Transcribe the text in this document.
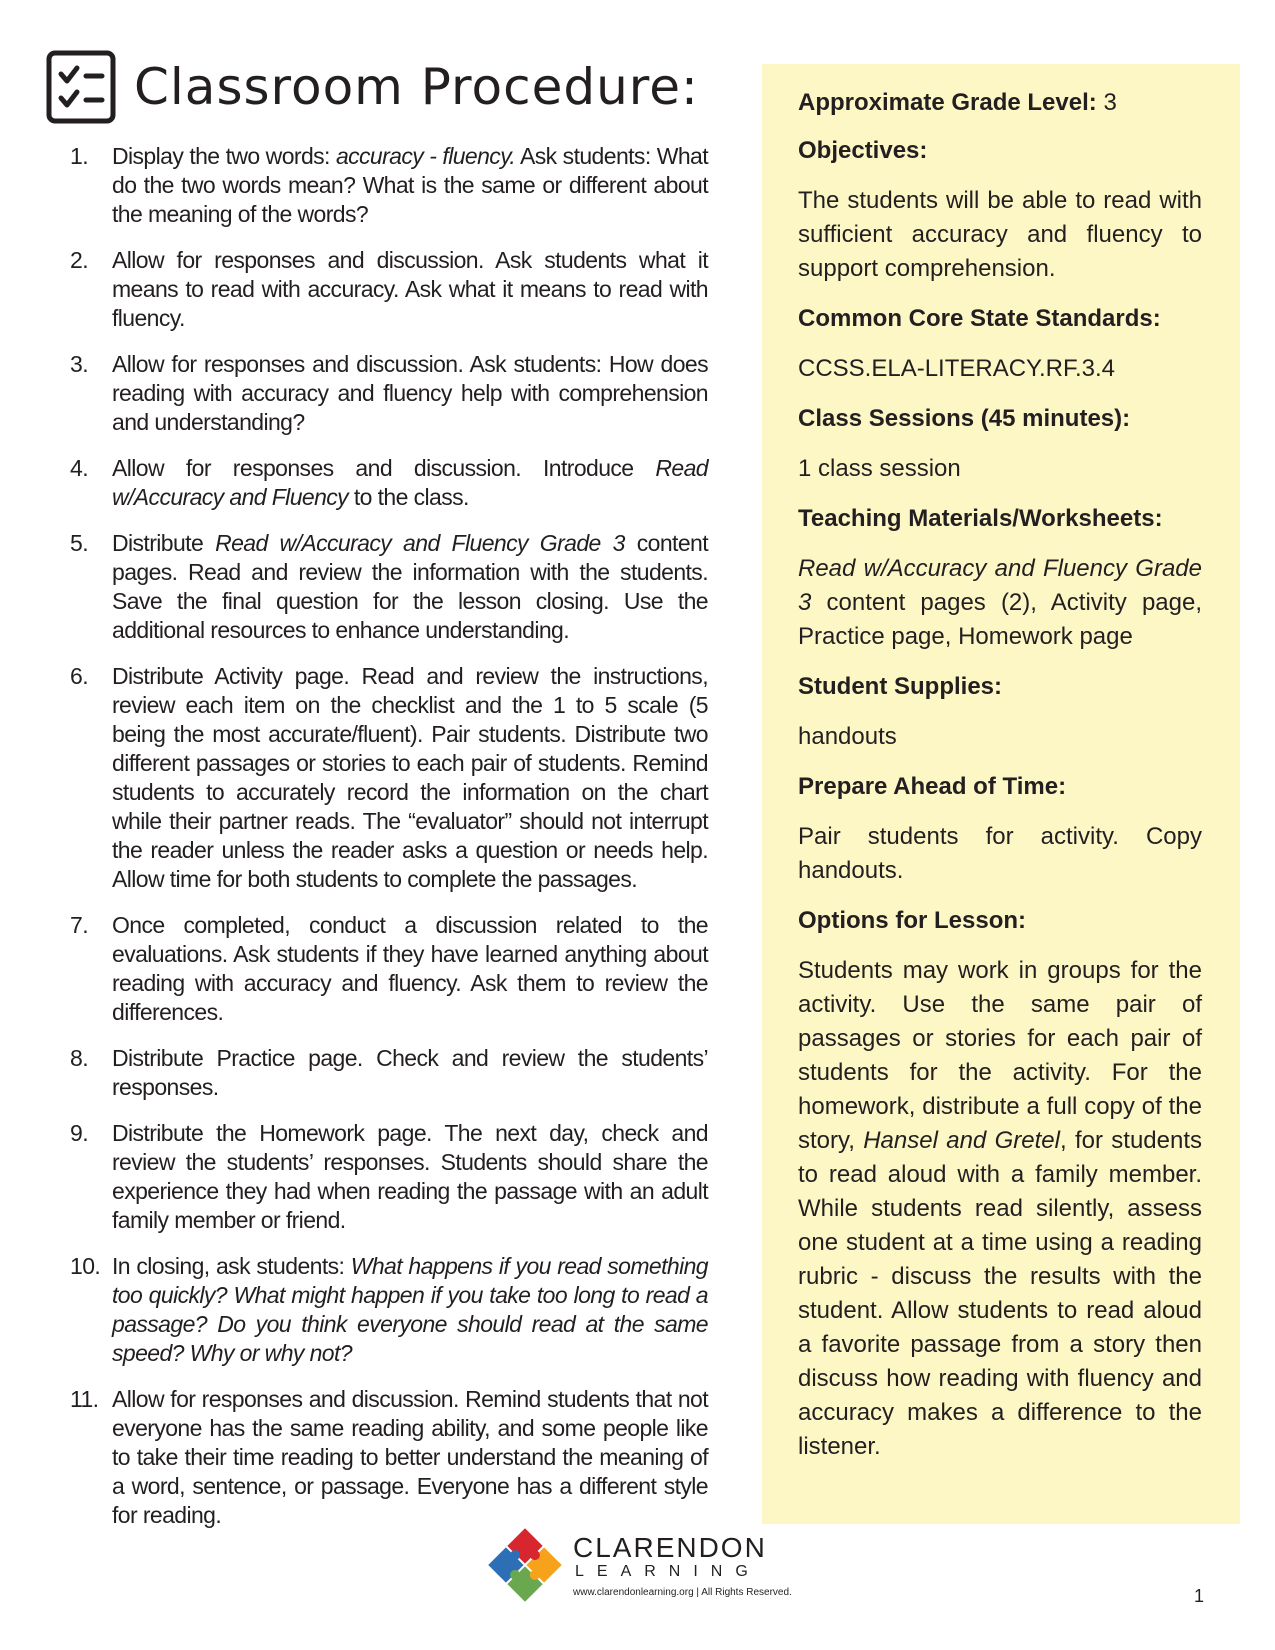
Classroom Procedure:
1.	Display the two words: accuracy - fluency. Ask students: What do the two words mean? What is the same or different about the meaning of the words?
2.	Allow for responses and discussion. Ask students what it means to read with accuracy. Ask what it means to read with fluency.
3.	Allow for responses and discussion. Ask students: How does reading with accuracy and fluency help with comprehension and understanding?
4.	Allow for responses and discussion. Introduce Read w/Accuracy and Fluency to the class.
5.	Distribute Read w/Accuracy and Fluency Grade 3 content pages. Read and review the information with the students. Save the final question for the lesson closing. Use the additional resources to enhance understanding.
6.	Distribute Activity page. Read and review the instructions, review each item on the checklist and the 1 to 5 scale (5 being the most accurate/fluent). Pair students. Distribute two different passages or stories to each pair of students. Remind students to accurately record the information on the chart while their partner reads. The “evaluator” should not interrupt the reader unless the reader asks a question or needs help. Allow time for both students to complete the passages.
7.	Once completed, conduct a discussion related to the evaluations. Ask students if they have learned anything about reading with accuracy and fluency. Ask them to review the differences.
8.	Distribute Practice page. Check and review the students’ responses.
9.	Distribute the Homework page. The next day, check and review the students’ responses. Students should share the experience they had when reading the passage with an adult family member or friend.
10. In closing, ask students: What happens if you read something too quickly? What might happen if you take too long to read a passage? Do you think everyone should read at the same speed? Why or why not?
11. Allow for responses and discussion. Remind students that not everyone has the same reading ability, and some people like to take their time reading to better understand the meaning of a word, sentence, or passage. Everyone has a different style for reading.

Approximate Grade Level: 3

Objectives:

The students will be able to read with sufficient accuracy and fluency to support comprehension.

Common Core State Standards:

CCSS.ELA-LITERACY.RF.3.4

Class Sessions (45 minutes):

1 class session

Teaching Materials/Worksheets:

Read w/Accuracy and Fluency Grade 3 content pages (2), Activity page, Practice page, Homework page

Student Supplies:

handouts

Prepare Ahead of Time:

Pair students for activity. Copy handouts.

Options for Lesson:

Students may work in groups for the activity. Use the same pair of passages or stories for each pair of students for the activity. For the homework, distribute a full copy of the story, Hansel and Gretel, for students to read aloud with a family member. While students read silently, assess one student at a time using a reading rubric - discuss the results with the student. Allow students to read aloud a favorite passage from a story then discuss how reading with fluency and accuracy makes a difference to the listener.

CLARENDON
LEARNING
www.clarendonlearning.org | All Rights Reserved.	1
